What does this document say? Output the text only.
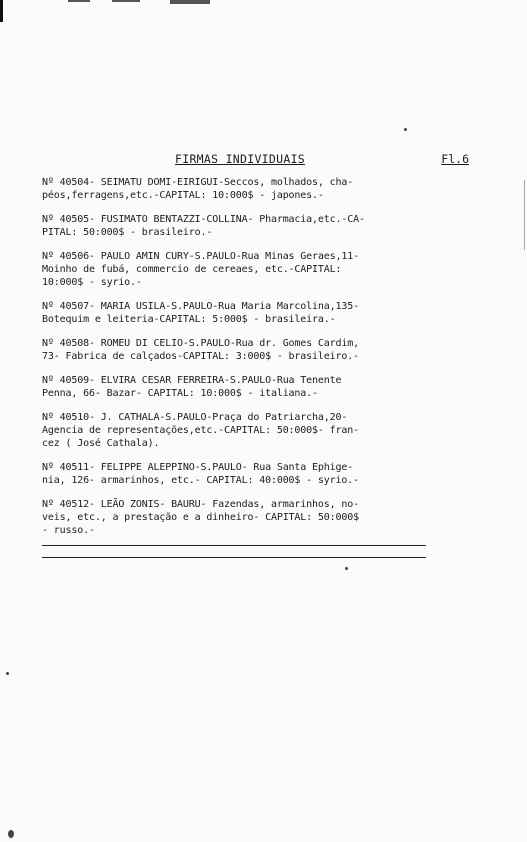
FIRMAS INDIVIDUAIS	Fl.6
Nº 40504- SEIMATU DOMI-EIRIGUI-Seccos, molhados, cha-
péos,ferragens,etc.-CAPITAL: 10:000$ - japones.-
Nº 40505- FUSIMATO BENTAZZI-COLLINA- Pharmacia,etc.-CA-
PITAL: 50:000$ - brasileiro.-
Nº 40506- PAULO AMIN CURY-S.PAULO-Rua Minas Geraes,11-
Moinho de fubá, commercio de cereaes, etc.-CAPITAL:
10:000$ - syrio.-
Nº 40507- MARIA USILA-S.PAULO-Rua Maria Marcolina,135-
Botequim e leiteria-CAPITAL: 5:000$ - brasileira.-
Nº 40508- ROMEU DI CELIO-S.PAULO-Rua dr. Gomes Cardim,
73- Fabrica de calçados-CAPITAL: 3:000$ - brasileiro.-
Nº 40509- ELVIRA CESAR FERREIRA-S.PAULO-Rua Tenente
Penna, 66- Bazar- CAPITAL: 10:000$ - italiana.-
Nº 40510- J. CATHALA-S.PAULO-Praça do Patriarcha,20-
Agencia de representações,etc.-CAPITAL: 50:000$- fran-
cez ( José Cathala).
Nº 40511- FELIPPE ALEPPINO-S.PAULO- Rua Santa Ephige-
nia, 126- armarinhos, etc.- CAPITAL: 40:000$ - syrio.-
Nº 40512- LEÃO ZONIS- BAURU- Fazendas, armarinhos, no-
veis, etc., a prestação e a dinheiro- CAPITAL: 50:000$
- russo.-
